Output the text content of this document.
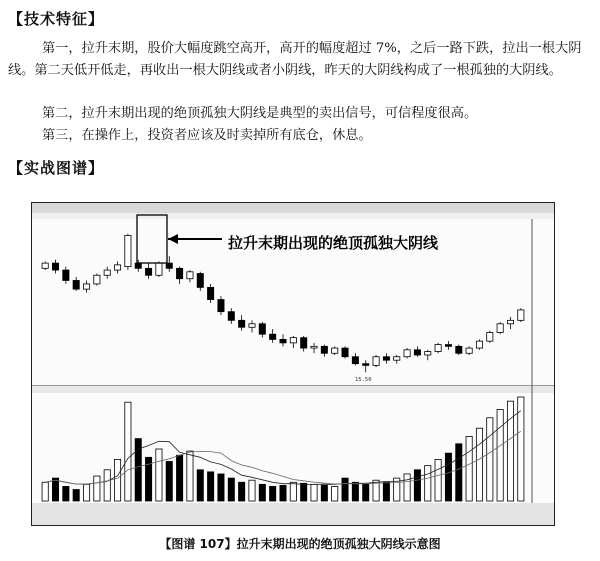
【技术特征】
第一，拉升末期，股价大幅度跳空高开，高开的幅度超过 7%，之后一路下跌，拉出一根大阴线。第二天低开低走，再收出一根大阴线或者小阴线，昨天的大阴线构成了一根孤独的大阴线。
第二，拉升末期出现的绝顶孤独大阴线是典型的卖出信号，可信程度很高。
第三，在操作上，投资者应该及时卖掉所有底仓，休息。
【实战图谱】
15.50
拉升末期出现的绝顶孤独大阴线
【图谱 107】拉升末期出现的绝顶孤独大阴线示意图
